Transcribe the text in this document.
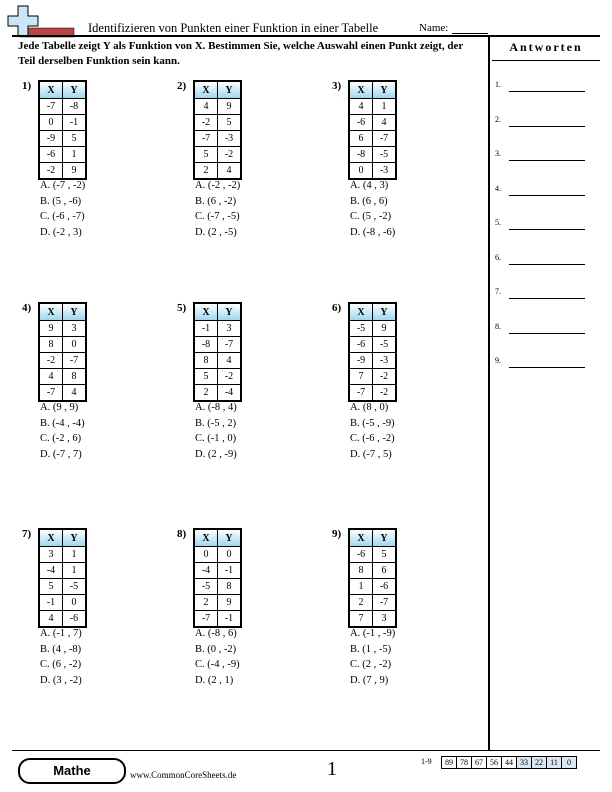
Identifizieren von Punkten einer Funktion in einer Tabelle	Name:
Jede Tabelle zeigt Y als Funktion von X. Bestimmen Sie, welche Auswahl einen Punkt zeigt, der Teil derselben Funktion sein kann.
Antworten
1.
2.
3.
4.
5.
6.
7.
8.
9.
1) X	Y
-7	-8
0	-1
-9	5
-6	1
-2	9
A. (-7 , -2)
B. (5 , -6)
C. (-6 , -7)
D. (-2 , 3)
2) X	Y
4	9
-2	5
-7	-3
5	-2
2	4
A. (-2 , -2)
B. (6 , -2)
C. (-7 , -5)
D. (2 , -5)
3) X	Y
4	1
-6	4
6	-7
-8	-5
0	-3
A. (4 , 3)
B. (6 , 6)
C. (5 , -2)
D. (-8 , -6)
4) X	Y
9	3
8	0
-2	-7
4	8
-7	4
A. (9 , 9)
B. (-4 , -4)
C. (-2 , 6)
D. (-7 , 7)
5) X	Y
-1	3
-8	-7
8	4
5	-2
2	-4
A. (-8 , 4)
B. (-5 , 2)
C. (-1 , 0)
D. (2 , -9)
6) X	Y
-5	9
-6	-5
-9	-3
7	-2
-7	-2
A. (8 , 0)
B. (-5 , -9)
C. (-6 , -2)
D. (-7 , 5)
7) X	Y
3	1
-4	1
5	-5
-1	0
4	-6
A. (-1 , 7)
B. (4 , -8)
C. (6 , -2)
D. (3 , -2)
8) X	Y
0	0
-4	-1
-5	8
2	9
-7	-1
A. (-8 , 6)
B. (0 , -2)
C. (-4 , -9)
D. (2 , 1)
9) X	Y
-6	5
8	6
1	-6
2	-7
7	3
A. (-1 , -9)
B. (1 , -5)
C. (2 , -2)
D. (7 , 9)
Mathe	www.CommonCoreSheets.de	1	1-9 89	78	67	56	44	33	22	11	0
